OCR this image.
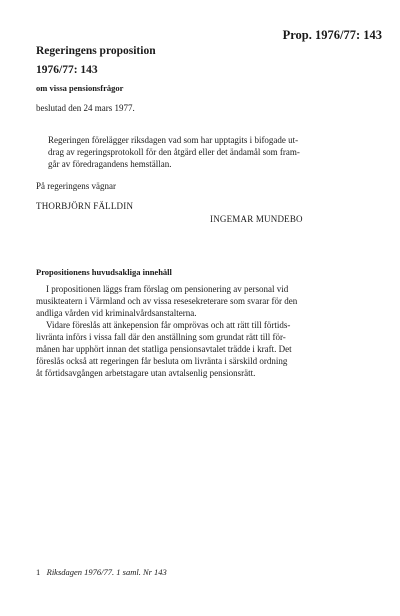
Prop. 1976/77: 143
Regeringens proposition
1976/77: 143
om vissa pensionsfrågor
beslutad den 24 mars 1977.
Regeringen förelägger riksdagen vad som har upptagits i bifogade ut-
drag av regeringsprotokoll för den åtgärd eller det ändamål som fram-
går av föredragandens hemställan.
På regeringens vägnar
THORBJÖRN FÄLLDIN
INGEMAR MUNDEBO
Propositionens huvudsakliga innehåll
I propositionen läggs fram förslag om pensionering av personal vid
musikteatern i Värmland och av vissa resesekreterare som svarar för den
andliga vården vid kriminalvårdsanstalterna.
Vidare föreslås att änkepension får omprövas och att rätt till förtids-
livränta införs i vissa fall där den anställning som grundat rätt till för-
månen har upphört innan det statliga pensionsavtalet trädde i kraft. Det
föreslås också att regeringen får besluta om livränta i särskild ordning
åt förtidsavgången arbetstagare utan avtalsenlig pensionsrätt.
1 Riksdagen 1976/77. 1 saml. Nr 143
